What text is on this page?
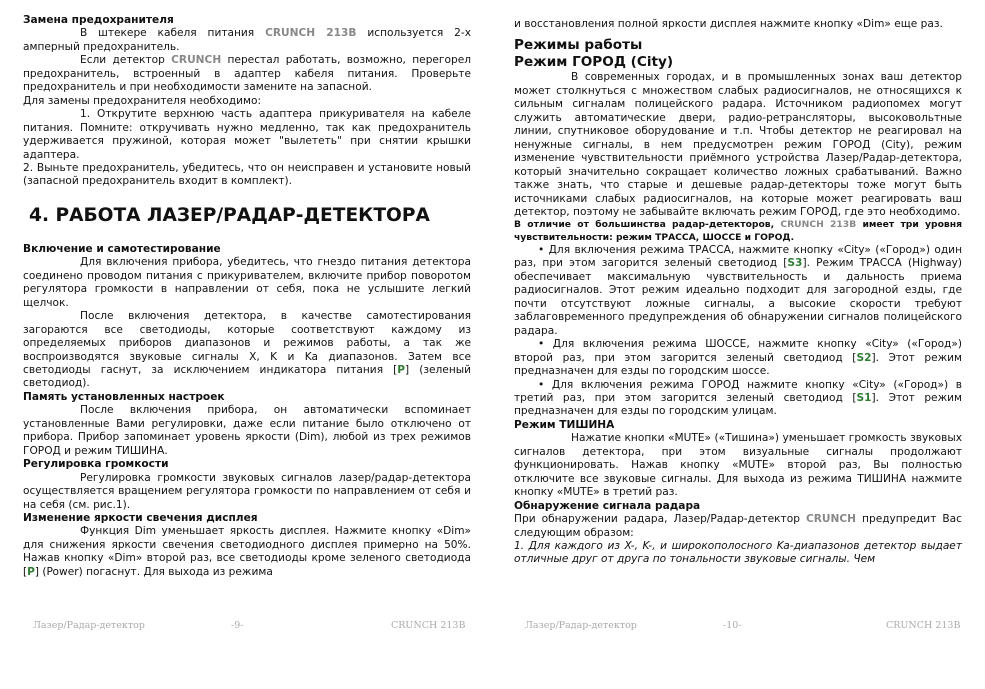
Замена предохранителя

В штекере кабеля питания CRUNCH 213B используется 2-х амперный предохранитель.

Если детектор CRUNCH перестал работать, возможно, перегорел предохранитель, встроенный в адаптер кабеля питания. Проверьте предохранитель и при необходимости замените на запасной.

Для замены предохранителя необходимо:

1. Открутите верхнюю часть адаптера прикуривателя на кабеле питания. Помните: откручивать нужно медленно, так как предохранитель удерживается пружиной, которая может "вылететь" при снятии крышки адаптера.

2. Выньте предохранитель, убедитесь, что он неисправен и установите новый (запасной предохранитель входит в комплект).

4. РАБОТА ЛАЗЕР/РАДАР-ДЕТЕКТОРА
Включение и самотестирование

Для включения прибора, убедитесь, что гнездо питания детектора соединено проводом питания с прикуривателем, включите прибор поворотом регулятора громкости в направлении от себя, пока не услышите легкий щелчок.

После включения детектора, в качестве самотестирования загораются все светодиоды, которые соответствуют каждому из определяемых приборов диапазонов и режимов работы, а так же воспроизводятся звуковые сигналы X, K и Ka диапазонов. Затем все светодиоды гаснут, за исключением индикатора питания [P] (зеленый светодиод).

Память установленных настроек

После включения прибора, он автоматически вспоминает установленные Вами регулировки, даже если питание было отключено от прибора. Прибор запоминает уровень яркости (Dim), любой из трех режимов ГОРОД и режим ТИШИНА.

Регулировка громкости

Регулировка громкости звуковых сигналов лазер/радар-детектора осуществляется вращением регулятора громкости по направлением от себя и на себя (см. рис.1).

Изменение яркости свечения дисплея

Функция Dim уменьшает яркость дисплея. Нажмите кнопку «Dim» для снижения яркости свечения светодиодного дисплея примерно на 50%. Нажав кнопку «Dim» второй раз, все светодиоды кроме зеленого светодиода [P] (Power) погаснут. Для выхода из режима

Лазер/Радар-детектор	-9-	CRUNCH 213B

и восстановления полной яркости дисплея нажмите кнопку «Dim» еще раз.

Режимы работы
Режим ГОРОД (City)

В современных городах, и в промышленных зонах ваш детектор может столкнуться с множеством слабых радиосигналов, не относящихся к сильным сигналам полицейского радара. Источником радиопомех могут служить автоматические двери, радио-ретрансляторы, высоковольтные линии, спутниковое оборудование и т.п. Чтобы детектор не реагировал на ненужные сигналы, в нем предусмотрен режим ГОРОД (City), режим изменение чувствительности приёмного устройства Лазер/Радар-детектора, который значительно сокращает количество ложных срабатываний. Важно также знать, что старые и дешевые радар-детекторы тоже могут быть источниками слабых радиосигналов, на которые может реагировать ваш детектор, поэтому не забывайте включать режим ГОРОД, где это необходимо.

В отличие от большинства радар-детекторов, CRUNCH 213B имеет три уровня чувствительности: режим ТРАССА, ШОССЕ и ГОРОД.

• Для включения режима ТРАССА, нажмите кнопку «City» («Город») один раз, при этом загорится зеленый светодиод [S3]. Режим ТРАССА (Highway) обеспечивает максимальную чувствительность и дальность приема радиосигналов. Этот режим идеально подходит для загородной езды, где почти отсутствуют ложные сигналы, а высокие скорости требуют заблаговременного предупреждения об обнаружении сигналов полицейского радара.

• Для включения режима ШОССЕ, нажмите кнопку «City» («Город») второй раз, при этом загорится зеленый светодиод [S2]. Этот режим предназначен для езды по городским шоссе.

• Для включения режима ГОРОД нажмите кнопку «City» («Город») в третий раз, при этом загорится зеленый светодиод [S1]. Этот режим предназначен для езды по городским улицам.

Режим ТИШИНА

Нажатие кнопки «MUTE» («Тишина») уменьшает громкость звуковых сигналов детектора, при этом визуальные сигналы продолжают функционировать. Нажав кнопку «MUTE» второй раз, Вы полностью отключите все звуковые сигналы. Для выхода из режима ТИШИНА нажмите кнопку «MUTE» в третий раз.

Обнаружение сигнала радара

При обнаружении радара, Лазер/Радар-детектор CRUNCH предупредит Вас следующим образом:

1. Для каждого из X-, K-, и широкополосного Ka-диапазонов детектор выдает отличные друг от друга по тональности звуковые сигналы. Чем

Лазер/Радар-детектор	-10-	CRUNCH 213B
